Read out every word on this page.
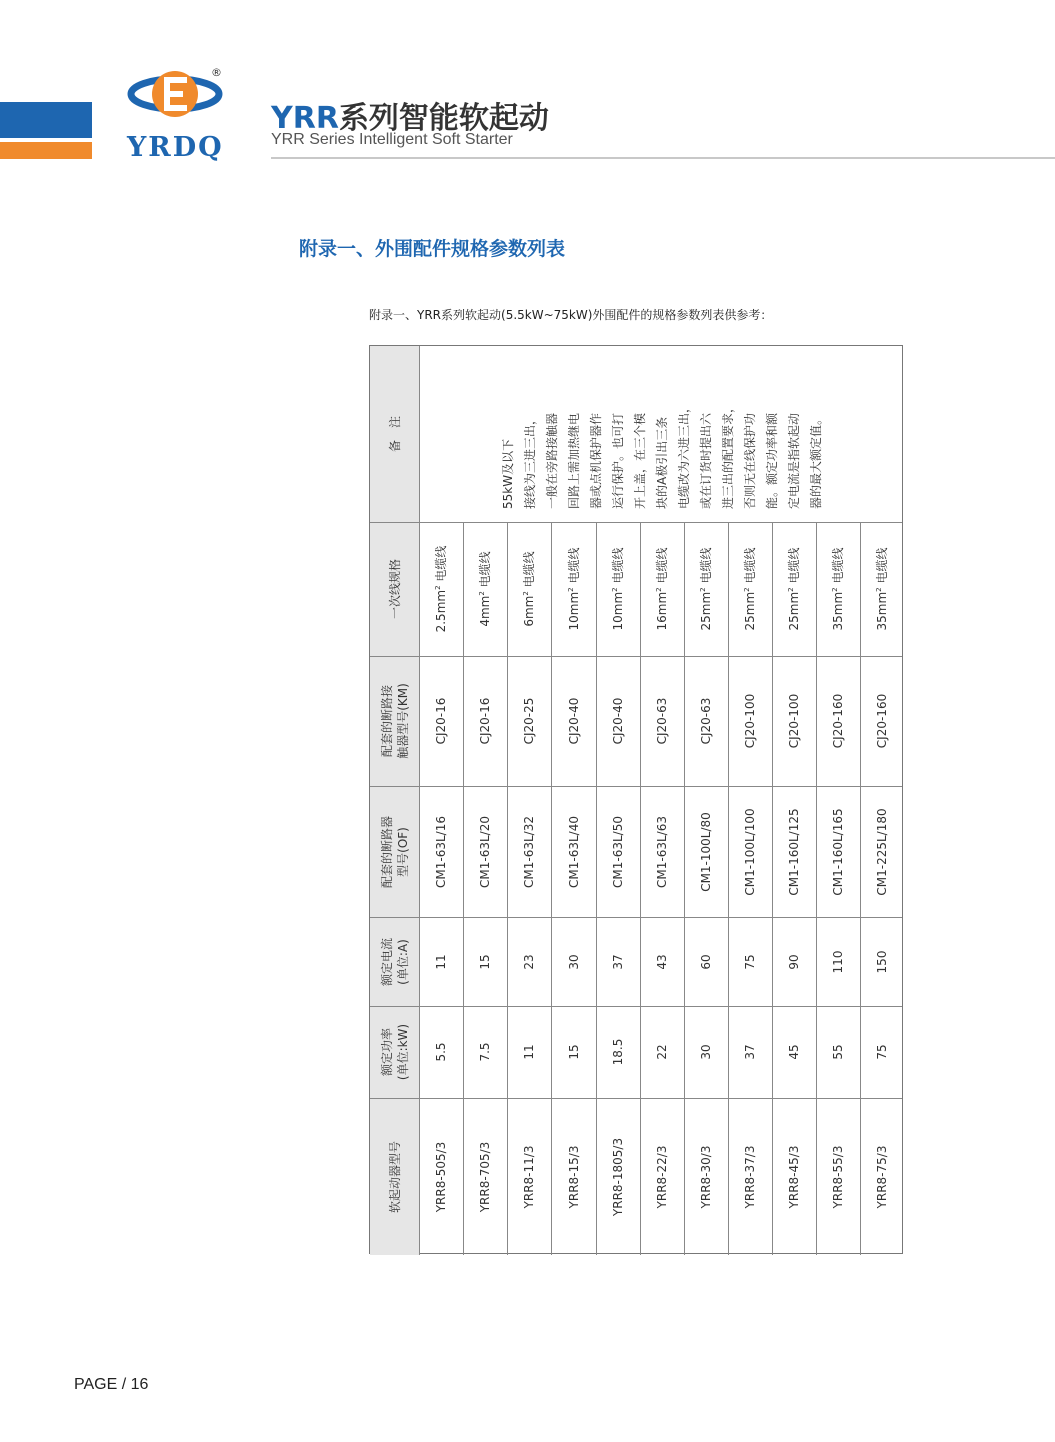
®
YRDQ
YRR系列智能软起动
YRR Series Intelligent Soft Starter
附录一、外围配件规格参数列表
附录一、YRR系列软起动(5.5kW~75kW)外围配件的规格参数列表供参考：
备　注
一次线规格
配套的断路接 触器型号(KM)
配套的断路器 型号(OF)
额定电流 (单位:A)
额定功率 (单位:kW)
软起动器型号
$2.5mm^2$ 电缆线
CJ20-16
CM1-63L/16
11
5.5
YRR8-505/3
$4mm^2$ 电缆线
CJ20-16
CM1-63L/20
15
7.5
YRR8-705/3
$6mm^2$ 电缆线
CJ20-25
CM1-63L/32
23
11
YRR8-11/3
$10mm^2$ 电缆线
CJ20-40
CM1-63L/40
30
15
YRR8-15/3
$10mm^2$ 电缆线
CJ20-40
CM1-63L/50
37
18.5
YRR8-1805/3
$16mm^2$ 电缆线
CJ20-63
CM1-63L/63
43
22
YRR8-22/3
$25mm^2$ 电缆线
CJ20-63
CM1-100L/80
60
30
YRR8-30/3
$25mm^2$ 电缆线
CJ20-100
CM1-100L/100
75
37
YRR8-37/3
$25mm^2$ 电缆线
CJ20-100
CM1-160L/125
90
45
YRR8-45/3
$35mm^2$ 电缆线
CJ20-160
CM1-160L/165
110
55
YRR8-55/3
$35mm^2$ 电缆线
CJ20-160
CM1-225L/180
150
75
YRR8-75/3
55kW及以下 接线为三进三出， 一般在旁路接触器 回路上需加热继电 器或点机保护器作 运行保护。也可打 开上盖，在三个模 块的A极引出三条 电缆改为六进三出， 或在订货时提出六 进三出的配置要求， 否则无在线保护功 能。额定功率和额 定电流是指软起动 器的最大额定值。
PAGE / 16
